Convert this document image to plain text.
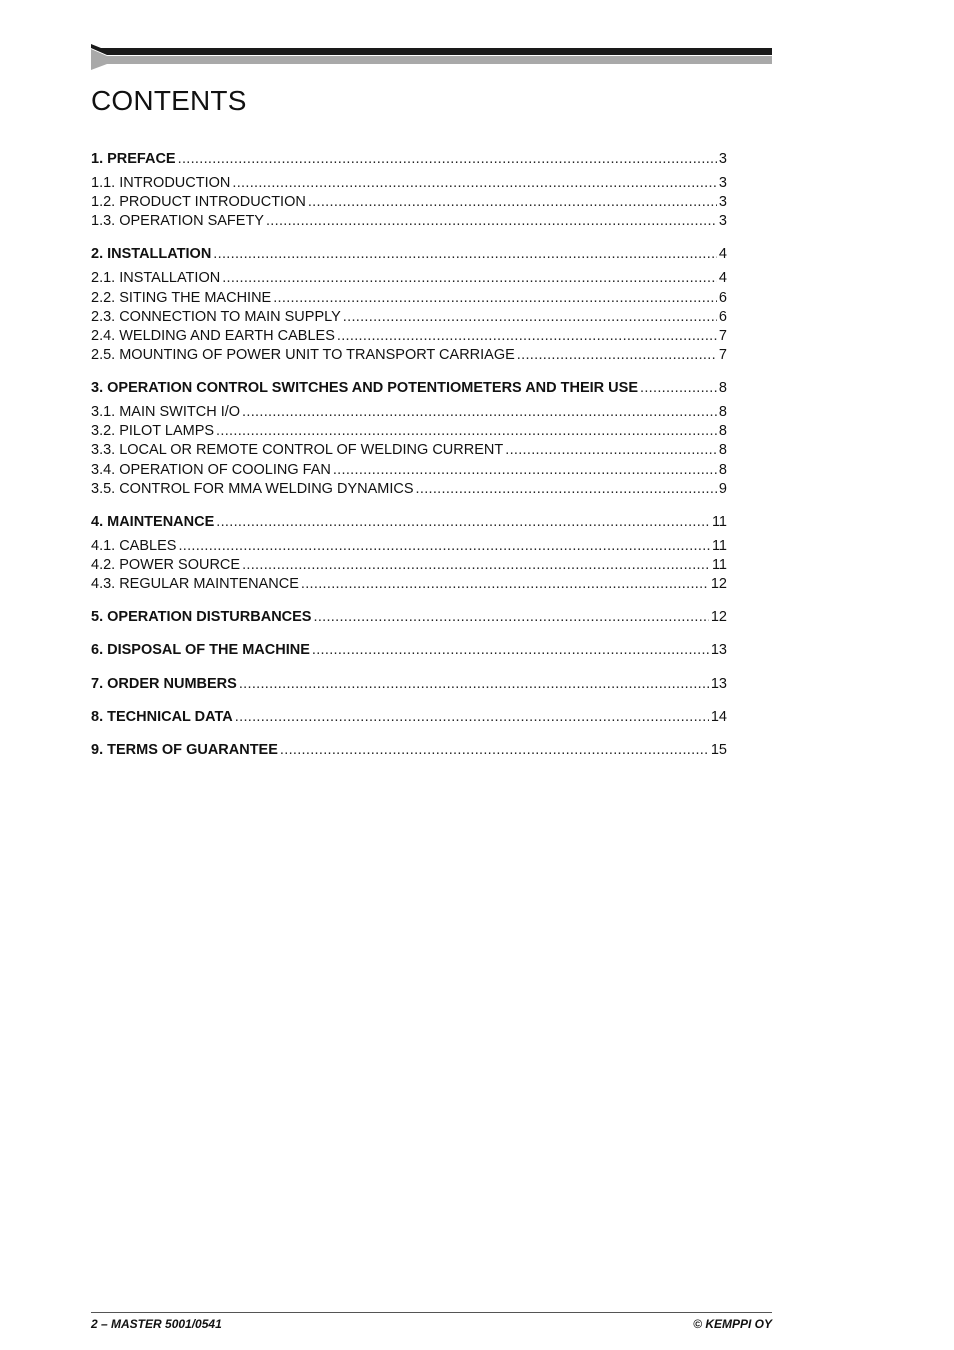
CONTENTS
1. PREFACE .....	3
1.1. INTRODUCTION .....	3
1.2. PRODUCT INTRODUCTION .....	3
1.3. OPERATION SAFETY .....	3
2. INSTALLATION .....	4
2.1. INSTALLATION .....	4
2.2. SITING THE MACHINE .....	6
2.3. CONNECTION TO MAIN SUPPLY .....	6
2.4. WELDING AND EARTH CABLES .....	7
2.5. MOUNTING OF POWER UNIT TO TRANSPORT CARRIAGE .....	7
3. OPERATION CONTROL SWITCHES AND POTENTIOMETERS AND THEIR USE .....	8
3.1. MAIN SWITCH I/O .....	8
3.2. PILOT LAMPS .....	8
3.3. LOCAL OR REMOTE CONTROL OF WELDING CURRENT .....	8
3.4. OPERATION OF COOLING FAN .....	8
3.5. CONTROL FOR MMA WELDING DYNAMICS .....	9
4. MAINTENANCE .....	11
4.1. CABLES .....	11
4.2. POWER SOURCE .....	11
4.3. REGULAR MAINTENANCE .....	12
5. OPERATION DISTURBANCES .....	12
6. DISPOSAL OF THE MACHINE .....	13
7. ORDER NUMBERS .....	13
8. TECHNICAL DATA .....	14
9. TERMS OF GUARANTEE .....	15
2 – MASTER 5001/0541	© KEMPPI OY
